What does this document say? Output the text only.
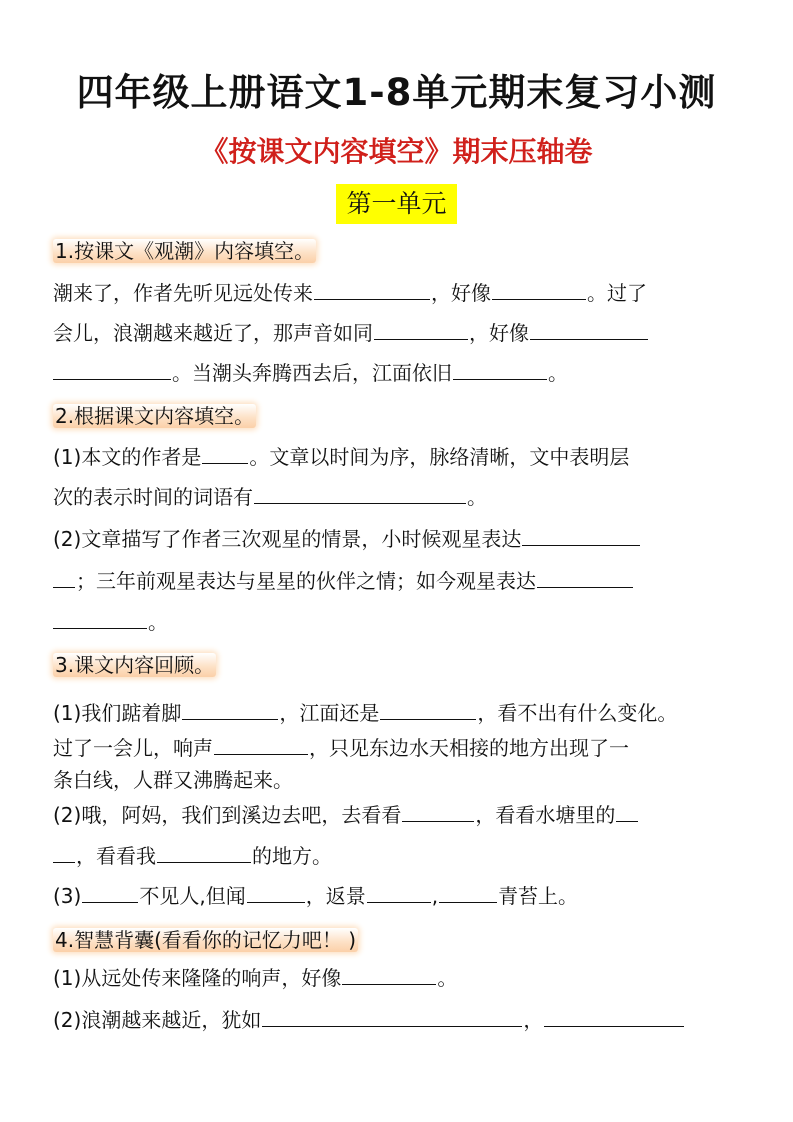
四年级上册语文1-8单元期末复习小测
《按课文内容填空》期末压轴卷
第一单元
1.按课文《观潮》内容填空。
潮来了，作者先听见远处传来	，好像	。过了
会儿，浪潮越来越近了，那声音如同	，好像
。当潮头奔腾西去后，江面依旧	。
2.根据课文内容填空。
(1)本文的作者是 。文章以时间为序，脉络清晰，文中表明层
次的表示时间的词语有	。
(2)文章描写了作者三次观星的情景，小时候观星表达
；三年前观星表达与星星的伙伴之情；如今观星表达
。
3.课文内容回顾。
(1)我们踮着脚	，江面还是	，看不出有什么变化。
过了一会儿，响声	，只见东边水天相接的地方出现了一
条白线，人群又沸腾起来。
(2)哦，阿妈，我们到溪边去吧，去看看	，看看水塘里的
，看看我	的地方。
(3)	不见人,但闻	，返景	,	青苔上。
4.智慧背囊(看看你的记忆力吧！ )
(1)从远处传来隆隆的响声，好像	。
(2)浪潮越来越近，犹如	，
